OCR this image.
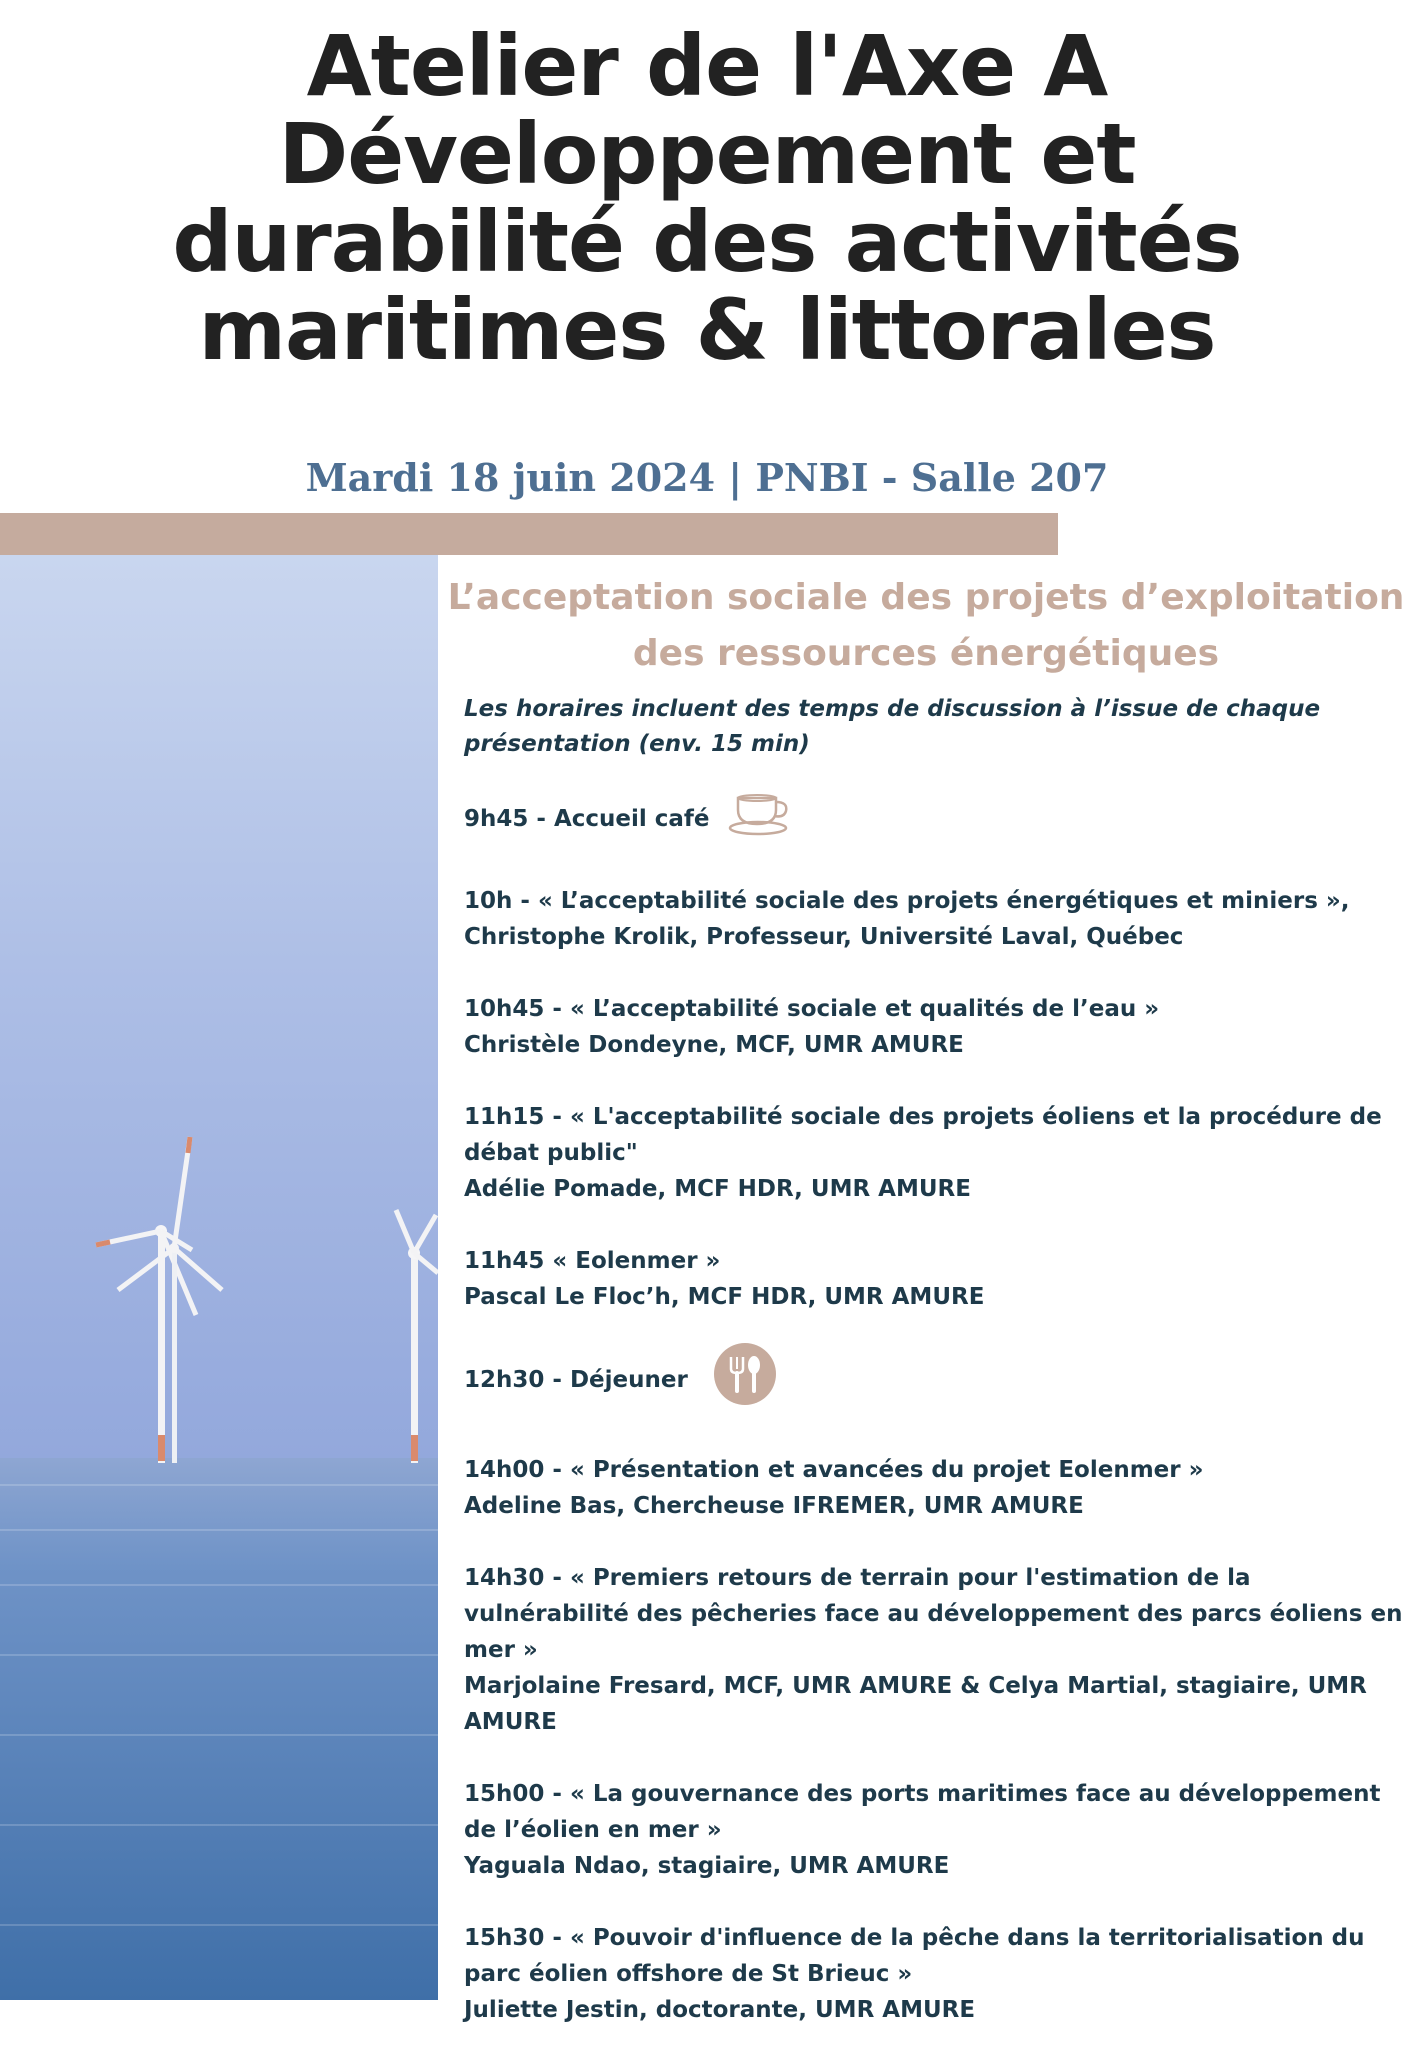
Atelier de l'Axe A
Développement et
durabilité des activités
maritimes & littorales
Mardi 18 juin 2024 | PNBI - Salle 207
L’acceptation sociale des projets d’exploitation
des ressources énergétiques
Les horaires incluent des temps de discussion à l’issue de chaque présentation (env. 15 min)
9h45 - Accueil café
10h - « L’acceptabilité sociale des projets énergétiques et miniers »,
Christophe Krolik, Professeur, Université Laval, Québec
10h45 - « L’acceptabilité sociale et qualités de l’eau »
Christèle Dondeyne, MCF, UMR AMURE
11h15 - « L'acceptabilité sociale des projets éoliens et la procédure de débat public"
Adélie Pomade, MCF HDR, UMR AMURE
11h45 « Eolenmer »
Pascal Le Floc’h, MCF HDR, UMR AMURE
12h30 - Déjeuner
14h00 - « Présentation et avancées du projet Eolenmer »
Adeline Bas, Chercheuse IFREMER, UMR AMURE
14h30 - « Premiers retours de terrain pour l'estimation de la vulnérabilité des pêcheries face au développement des parcs éoliens en mer »
Marjolaine Fresard, MCF, UMR AMURE & Celya Martial, stagiaire, UMR AMURE
15h00 - « La gouvernance des ports maritimes face au développement de l’éolien en mer »
Yaguala Ndao, stagiaire, UMR AMURE
15h30 - « Pouvoir d'influence de la pêche dans la territorialisation du parc éolien offshore de St Brieuc »
Juliette Jestin, doctorante, UMR AMURE
